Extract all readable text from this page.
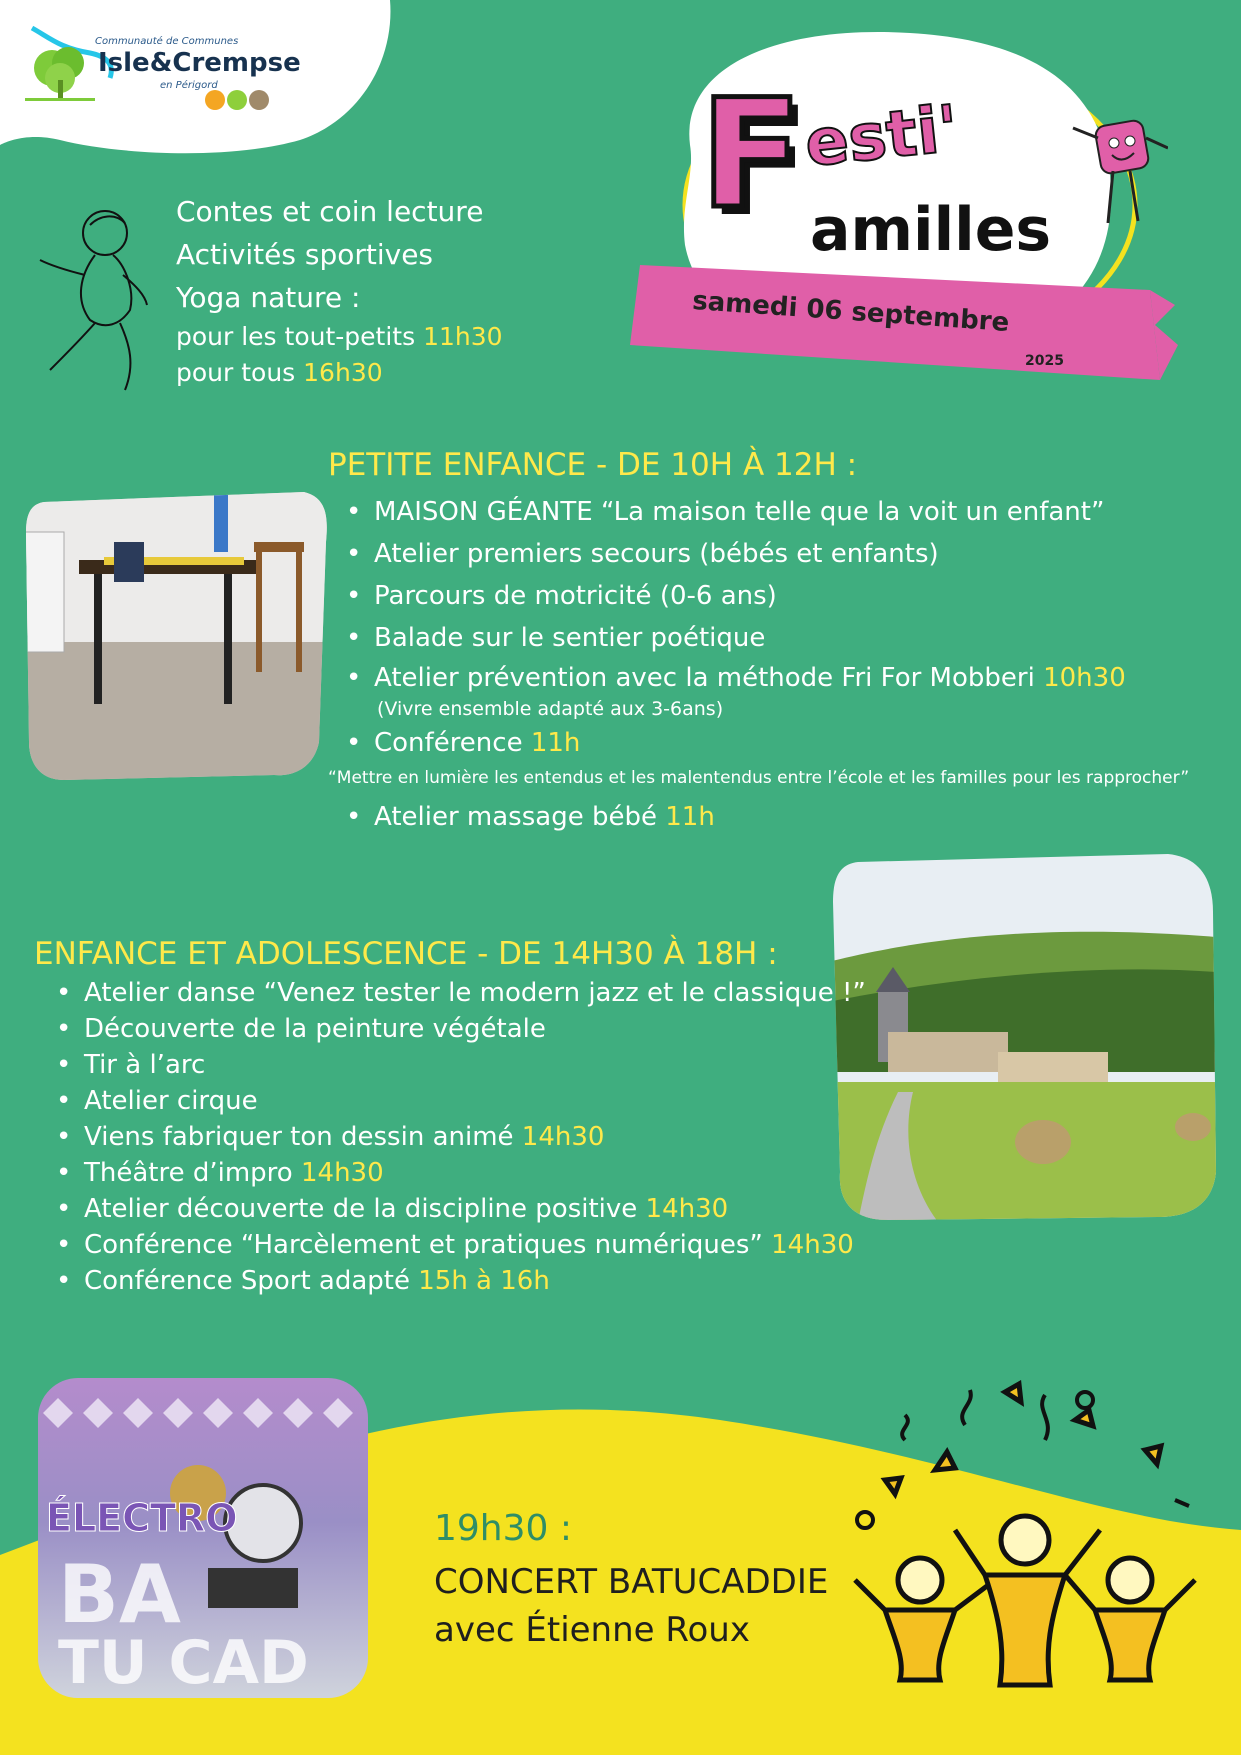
Communauté de Communes
Isle&Crempse
en Périgord	F esti'
amilles
samedi 06 septembre
2025
Contes et coin lecture
Activités sportives
Yoga nature :
pour les tout-petits 11h30
pour tous 16h30
PETITE ENFANCE - DE 10H À 12H :
• MAISON GÉANTE “La maison telle que la voit un enfant”
• Atelier premiers secours (bébés et enfants)
• Parcours de motricité (0-6 ans)
• Balade sur le sentier poétique
• Atelier prévention avec la méthode Fri For Mobberi 10h30
(Vivre ensemble adapté aux 3-6ans)
• Conférence 11h
“Mettre en lumière les entendus et les malentendus entre l’école et les familles pour les rapprocher”
• Atelier massage bébé 11h
ENFANCE ET ADOLESCENCE - DE 14H30 À 18H :
• Atelier danse “Venez tester le modern jazz et le classique !”
• Découverte de la peinture végétale
• Tir à l’arc
• Atelier cirque
• Viens fabriquer ton dessin animé 14h30
• Théâtre d’impro 14h30
• Atelier découverte de la discipline positive 14h30
• Conférence “Harcèlement et pratiques numériques” 14h30
• Conférence Sport adapté 15h à 16h
ÉLECTRO
BA
TU CAD
19h30 :
CONCERT BATUCADDIE
avec Étienne Roux
